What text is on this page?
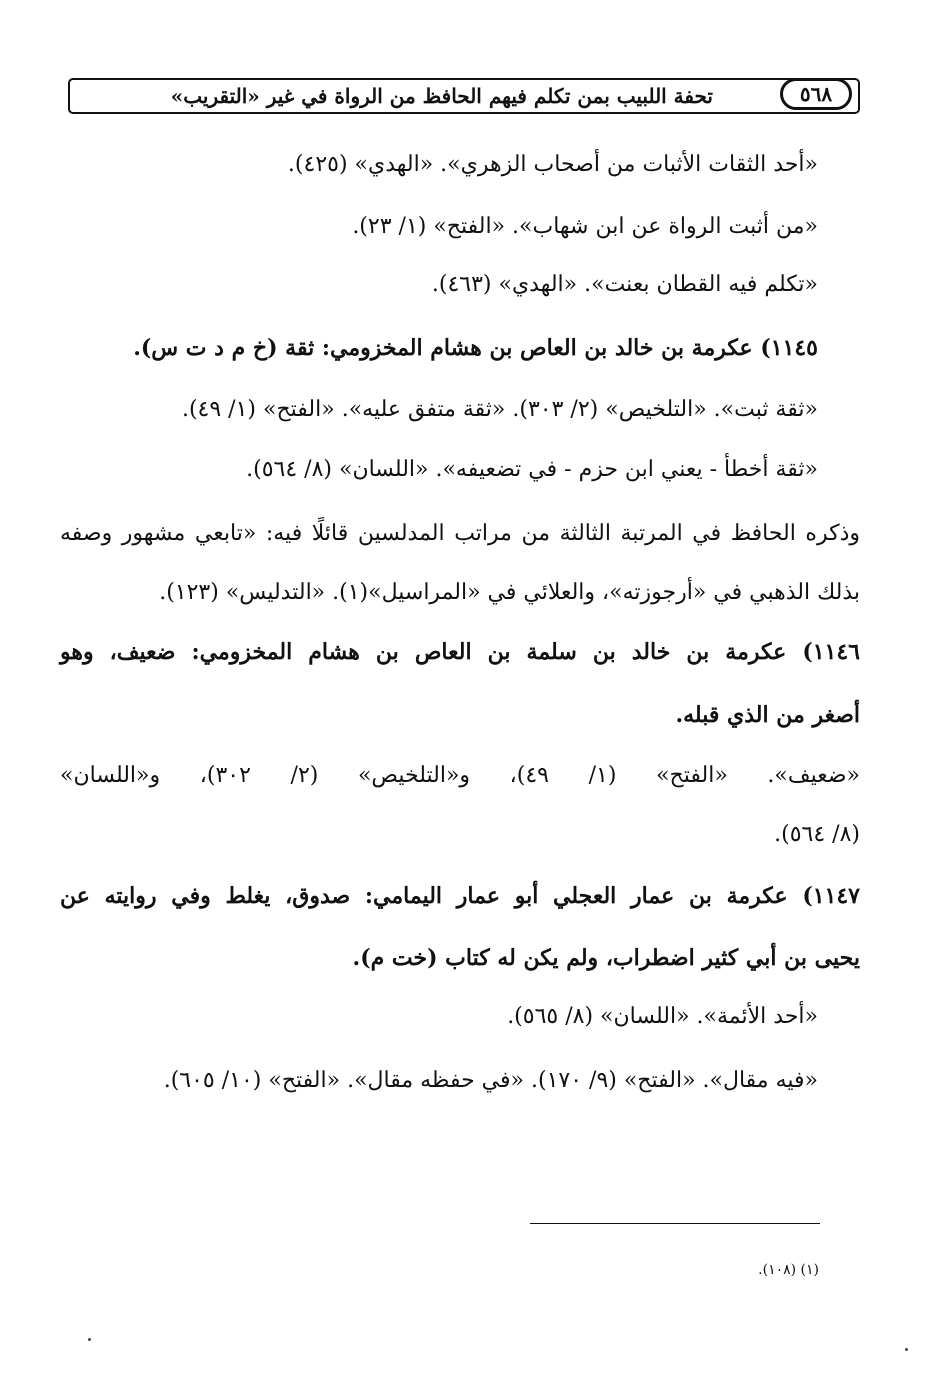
تحفة اللبيب بمن تكلم فيهم الحافظ من الرواة في غير «التقريب»	٥٦٨
«أحد الثقات الأثبات من أصحاب الزهري». «الهدي» (٤٢٥).
«من أثبت الرواة عن ابن شهاب». «الفتح» (١/ ٢٣).
«تكلم فيه القطان بعنت». «الهدي» (٤٦٣).
١١٤٥) عكرمة بن خالد بن العاص بن هشام المخزومي: ثقة (خ م د ت س).
«ثقة ثبت». «التلخيص» (٢/ ٣٠٣). «ثقة متفق عليه». «الفتح» (١/ ٤٩).
«ثقة أخطأ - يعني ابن حزم - في تضعيفه». «اللسان» (٨/ ٥٦٤).
وذكره الحافظ في المرتبة الثالثة من مراتب المدلسين قائلًا فيه: «تابعي مشهور وصفه
بذلك الذهبي في «أرجوزته»، والعلائي في «المراسيل»(١). «التدليس» (١٢٣).
١١٤٦) عكرمة بن خالد بن سلمة بن العاص بن هشام المخزومي: ضعيف، وهو
أصغر من الذي قبله.
«ضعيف». «الفتح» (١/ ٤٩)، و«التلخيص» (٢/ ٣٠٢)، و«اللسان»
(٨/ ٥٦٤).
١١٤٧) عكرمة بن عمار العجلي أبو عمار اليمامي: صدوق، يغلط وفي روايته عن
يحيى بن أبي كثير اضطراب، ولم يكن له كتاب (خت م).
«أحد الأئمة». «اللسان» (٨/ ٥٦٥).
«فيه مقال». «الفتح» (٩/ ١٧٠). «في حفظه مقال». «الفتح» (١٠/ ٦٠٥).
(١) (١٠٨).
